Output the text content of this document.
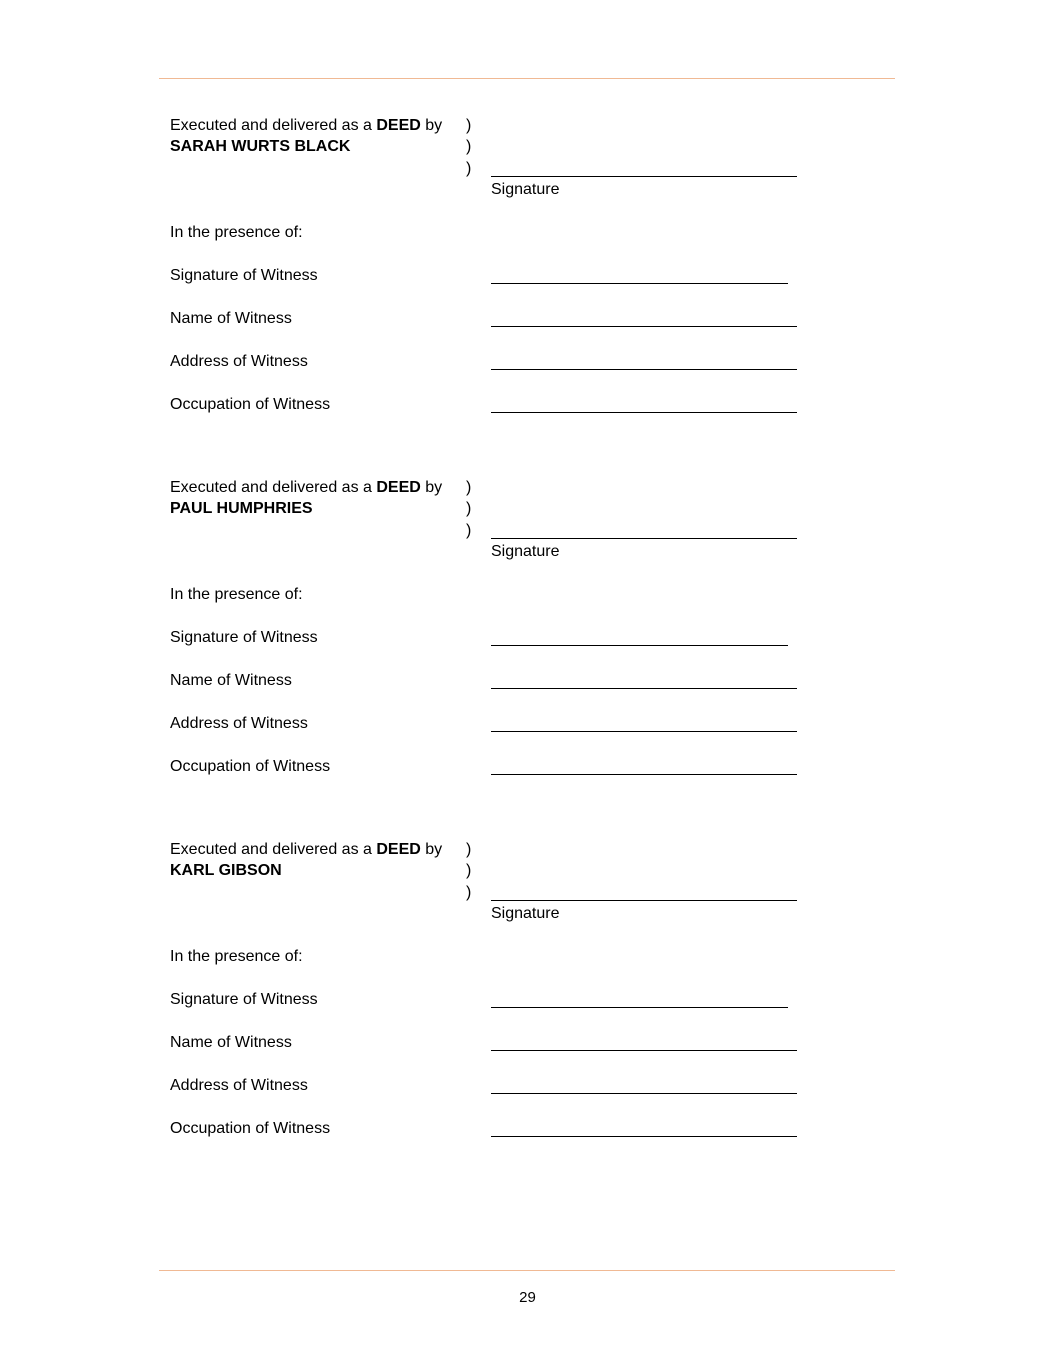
Executed and delivered as a DEED by
SARAH WURTS BLACK
)
)
)
Signature
In the presence of:
Signature of Witness
Name of Witness
Address of Witness
Occupation of Witness
Executed and delivered as a DEED by
PAUL HUMPHRIES
)
)
)
Signature
In the presence of:
Signature of Witness
Name of Witness
Address of Witness
Occupation of Witness
Executed and delivered as a DEED by
KARL GIBSON
)
)
)
Signature
In the presence of:
Signature of Witness
Name of Witness
Address of Witness
Occupation of Witness
29
